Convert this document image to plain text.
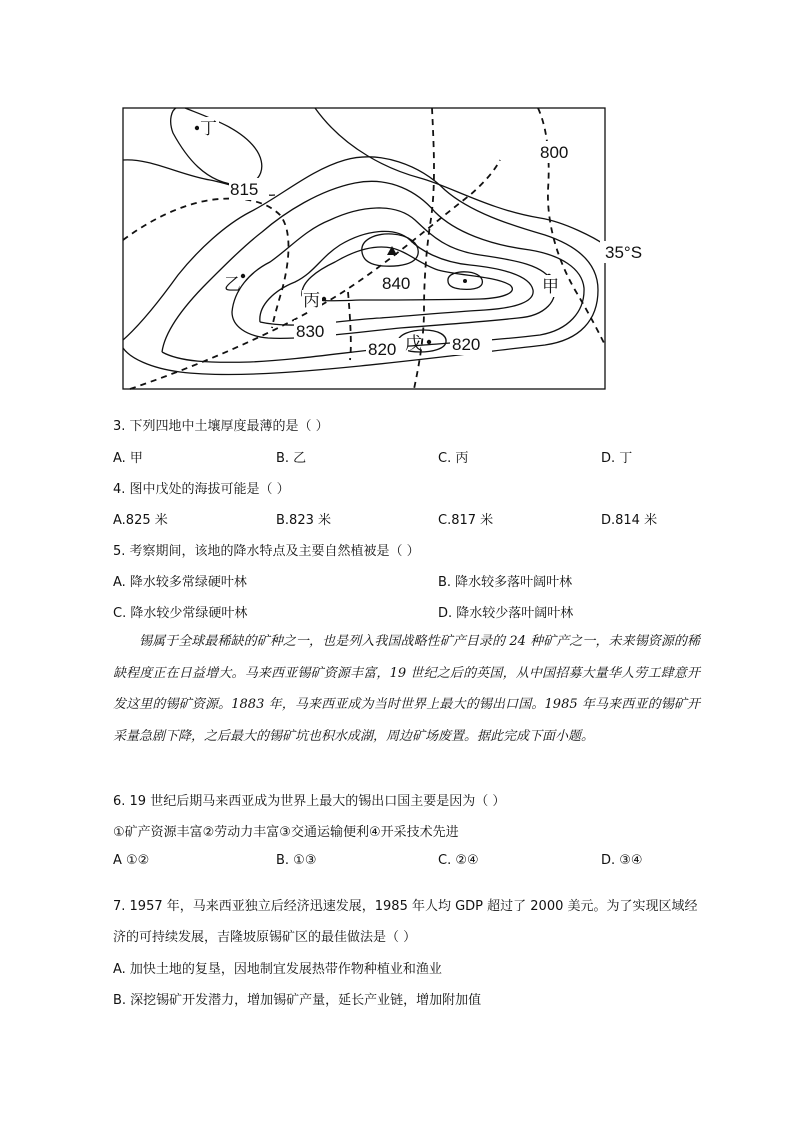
丁
815
800
35°S
乙	840
丙
甲
830
820 戊 820
3. 下列四地中土壤厚度最薄的是（ ）
A. 甲	B. 乙	C. 丙	D. 丁
4. 图中戊处的海拔可能是（ ）
A.825 米	B.823 米	C.817 米	D.814 米
5. 考察期间，该地的降水特点及主要自然植被是（ ）
A. 降水较多常绿硬叶林	B. 降水较多落叶阔叶林
C. 降水较少常绿硬叶林	D. 降水较少落叶阔叶林

锡属于全球最稀缺的矿种之一，也是列入我国战略性矿产目录的 24 种矿产之一，未来锡资源的稀缺程度正在日益增大。马来西亚锡矿资源丰富，19 世纪之后的英国，从中国招募大量华人劳工肆意开发这里的锡矿资源。1883 年，马来西亚成为当时世界上最大的锡出口国。1985 年马来西亚的锡矿开采量急剧下降，之后最大的锡矿坑也积水成湖，周边矿场废置。据此完成下面小题。

6. 19 世纪后期马来西亚成为世界上最大的锡出口国主要是因为（ ）
①矿产资源丰富②劳动力丰富③交通运输便利④开采技术先进
A ①②	B. ①③	C. ②④	D. ③④
7. 1957 年，马来西亚独立后经济迅速发展，1985 年人均 GDP 超过了 2000 美元。为了实现区域经
济的可持续发展，吉隆坡原锡矿区的最佳做法是（ ）
A. 加快土地的复垦，因地制宜发展热带作物种植业和渔业
B. 深挖锡矿开发潜力，增加锡矿产量，延长产业链，增加附加值
